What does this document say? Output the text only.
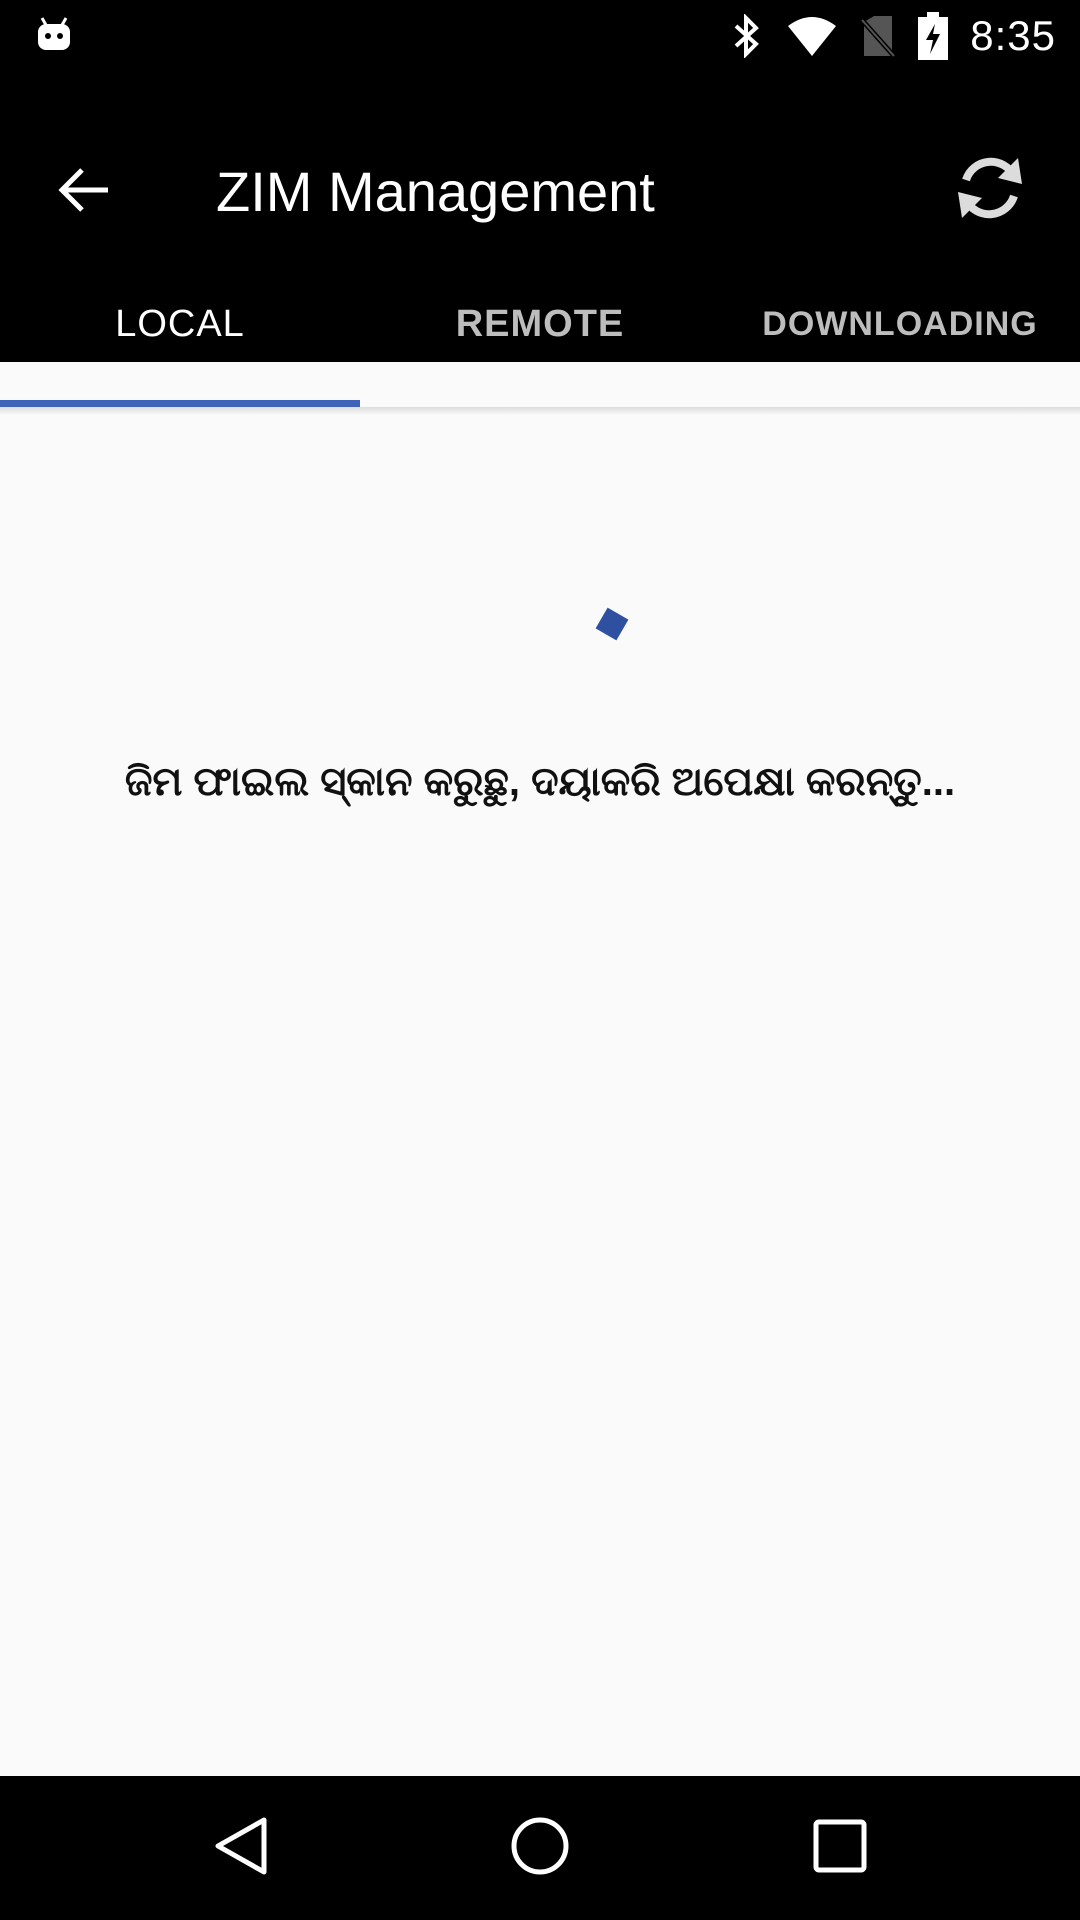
8:35
ZIM Management
LOCAL	REMOTE	DOWNLOADING
ଜିମ ଫାଇଲ ସ୍କାନ କରୁଛୁ, ଦୟାକରି ଅପେକ୍ଷା କରନ୍ତୁ...
